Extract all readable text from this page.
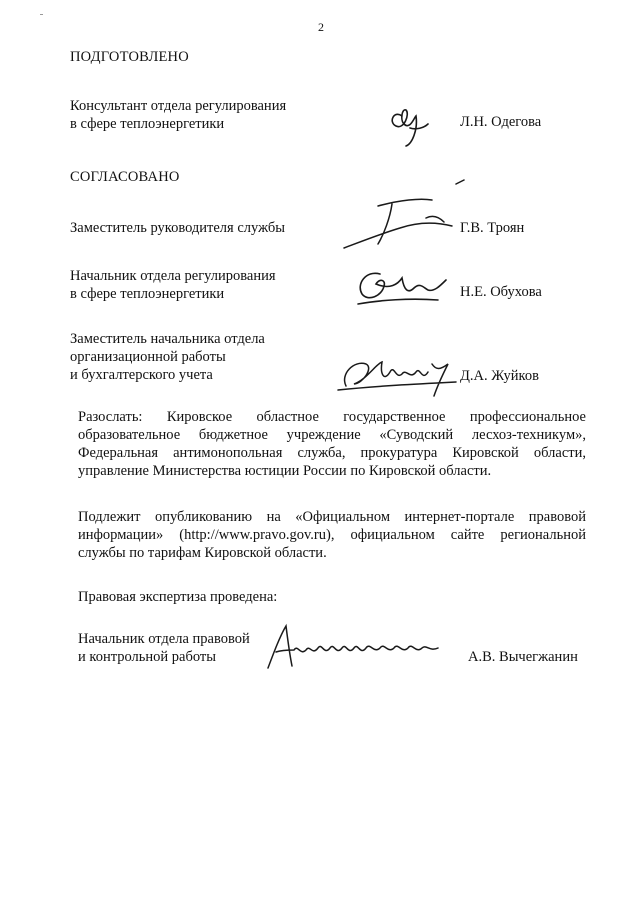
2
ПОДГОТОВЛЕНО
Консультант отдела регулирования
в сфере теплоэнергетики	Л.Н. Одегова
СОГЛАСОВАНО
Заместитель руководителя службы	Г.В. Троян
Начальник отдела регулирования
в сфере теплоэнергетики	Н.Е. Обухова
Заместитель начальника отдела
организационной работы
и бухгалтерского учета	Д.А. Жуйков
Разослать: Кировское областное государственное профессиональное
образовательное бюджетное учреждение «Суводский лесхоз-техникум»,
Федеральная антимонопольная служба, прокуратура Кировской области,
управление Министерства юстиции России по Кировской области.
Подлежит опубликованию на «Официальном интернет-портале правовой
информации» (http://www.pravo.gov.ru), официальном сайте региональной
службы по тарифам Кировской области.
Правовая экспертиза проведена:
Начальник отдела правовой
и контрольной работы	А.В. Вычегжанин
